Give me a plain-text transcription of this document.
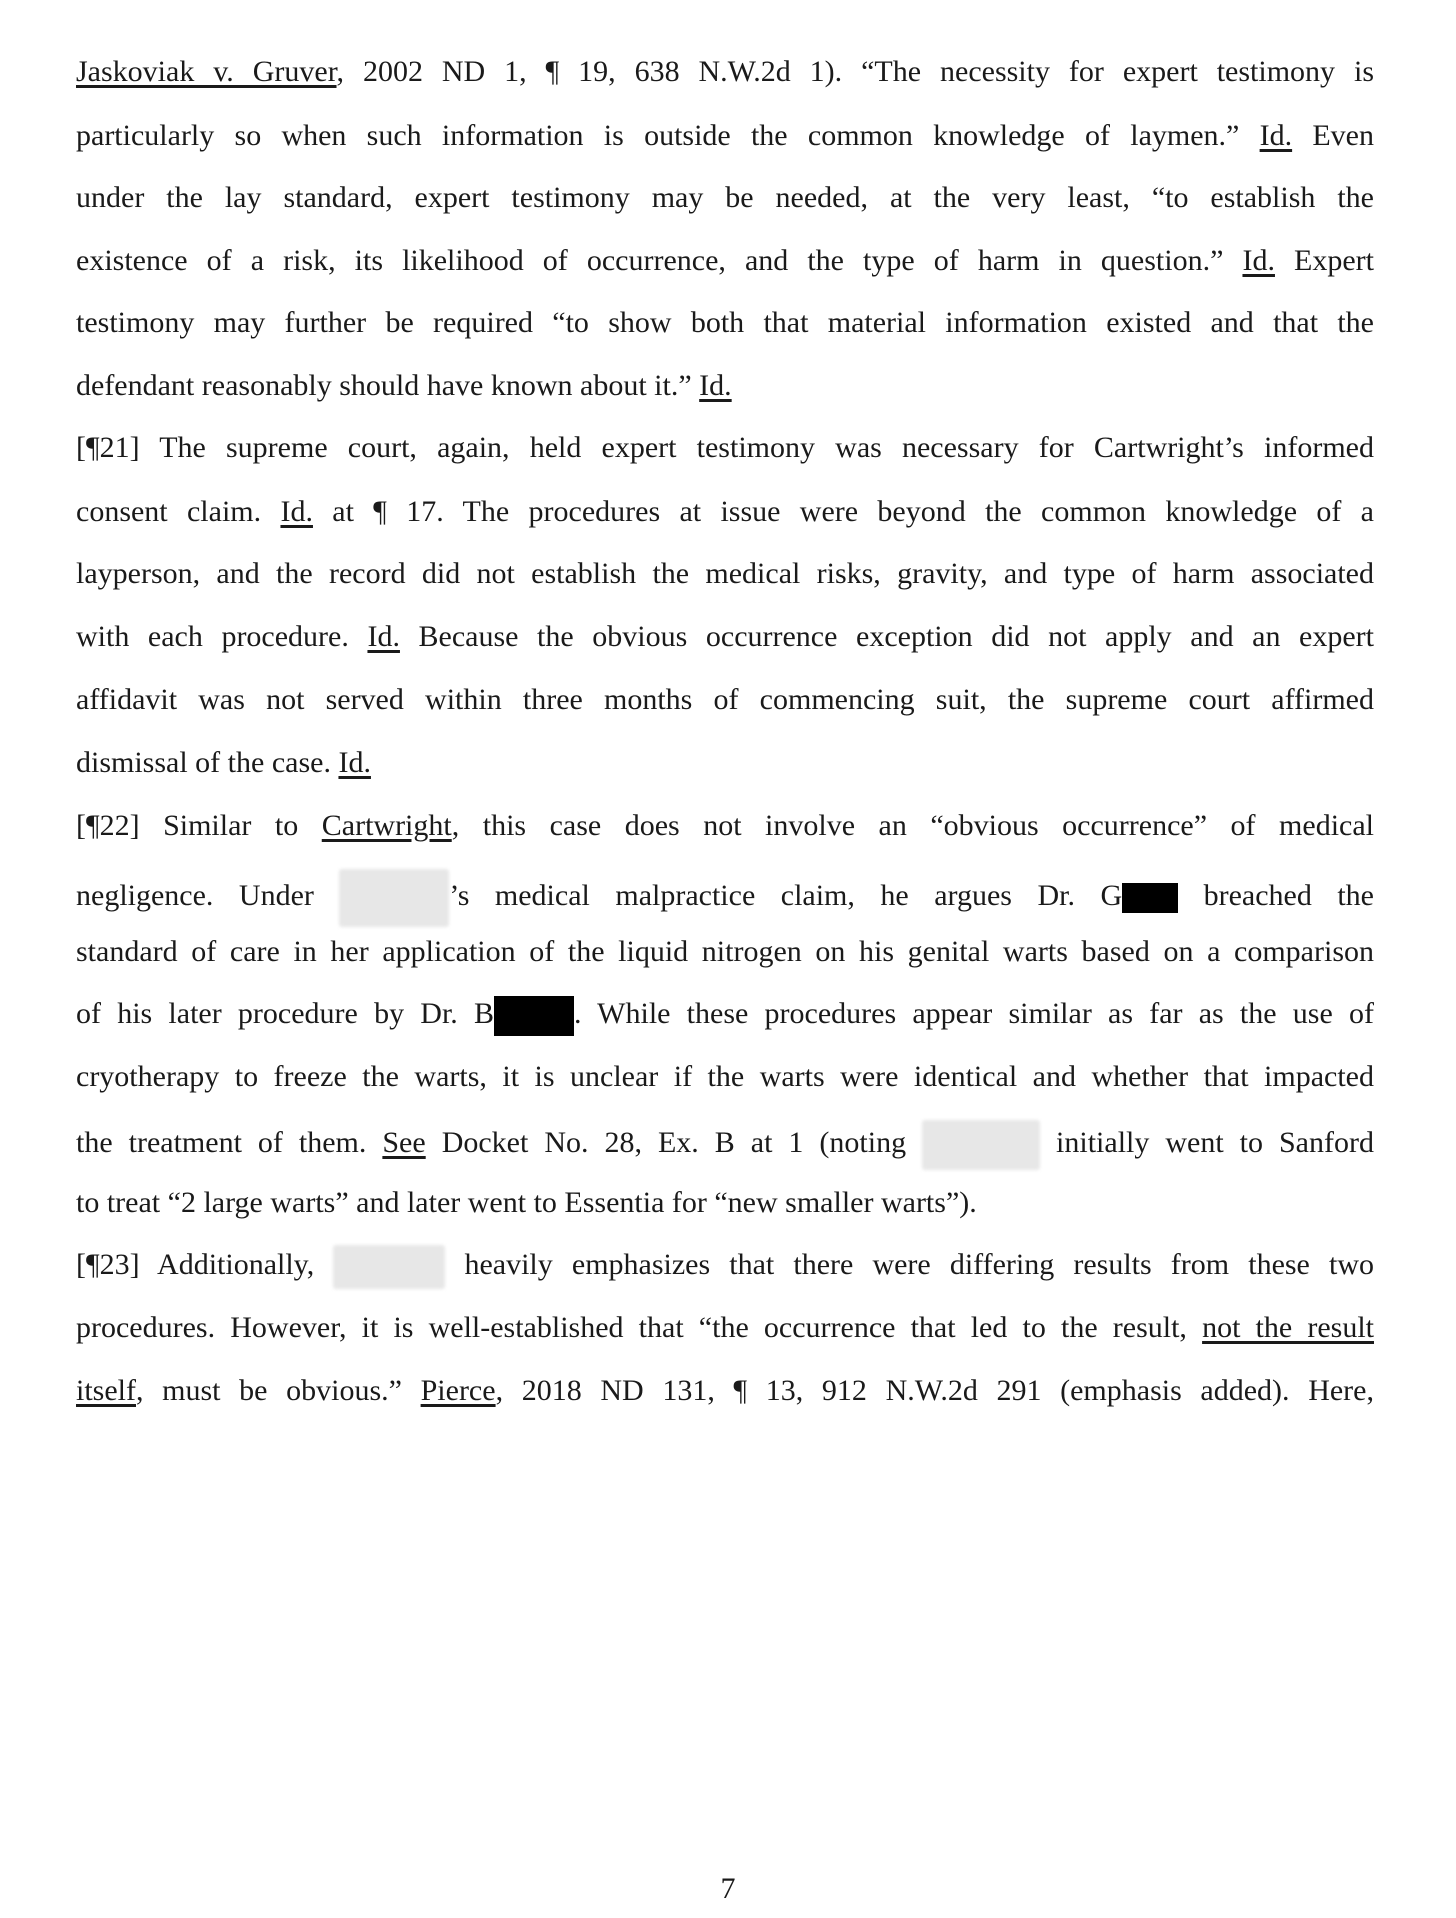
Jaskoviak v. Gruver, 2002 ND 1, ¶ 19, 638 N.W.2d 1). “The necessity for expert testimony is
particularly so when such information is outside the common knowledge of laymen.” Id. Even
under the lay standard, expert testimony may be needed, at the very least, “to establish the
existence of a risk, its likelihood of occurrence, and the type of harm in question.” Id. Expert
testimony may further be required “to show both that material information existed and that the
defendant reasonably should have known about it.” Id.
[¶21] The supreme court, again, held expert testimony was necessary for Cartwright’s informed
consent claim. Id. at ¶ 17. The procedures at issue were beyond the common knowledge of a
layperson, and the record did not establish the medical risks, gravity, and type of harm associated
with each procedure. Id. Because the obvious occurrence exception did not apply and an expert
affidavit was not served within three months of commencing suit, the supreme court affirmed
dismissal of the case. Id.
[¶22] Similar to Cartwright, this case does not involve an “obvious occurrence” of medical
negligence. Under	’s medical malpractice claim, he argues Dr. G breached the
standard of care in her application of the liquid nitrogen on his genital warts based on a comparison
of his later procedure by Dr. B	. While these procedures appear similar as far as the use of
cryotherapy to freeze the warts, it is unclear if the warts were identical and whether that impacted
the treatment of them. See Docket No. 28, Ex. B at 1 (noting	initially went to Sanford
to treat “2 large warts” and later went to Essentia for “new smaller warts”).
[¶23] Additionally,	heavily emphasizes that there were differing results from these two
procedures. However, it is well-established that “the occurrence that led to the result, not the result
itself, must be obvious.” Pierce, 2018 ND 131, ¶ 13, 912 N.W.2d 291 (emphasis added). Here,
7
